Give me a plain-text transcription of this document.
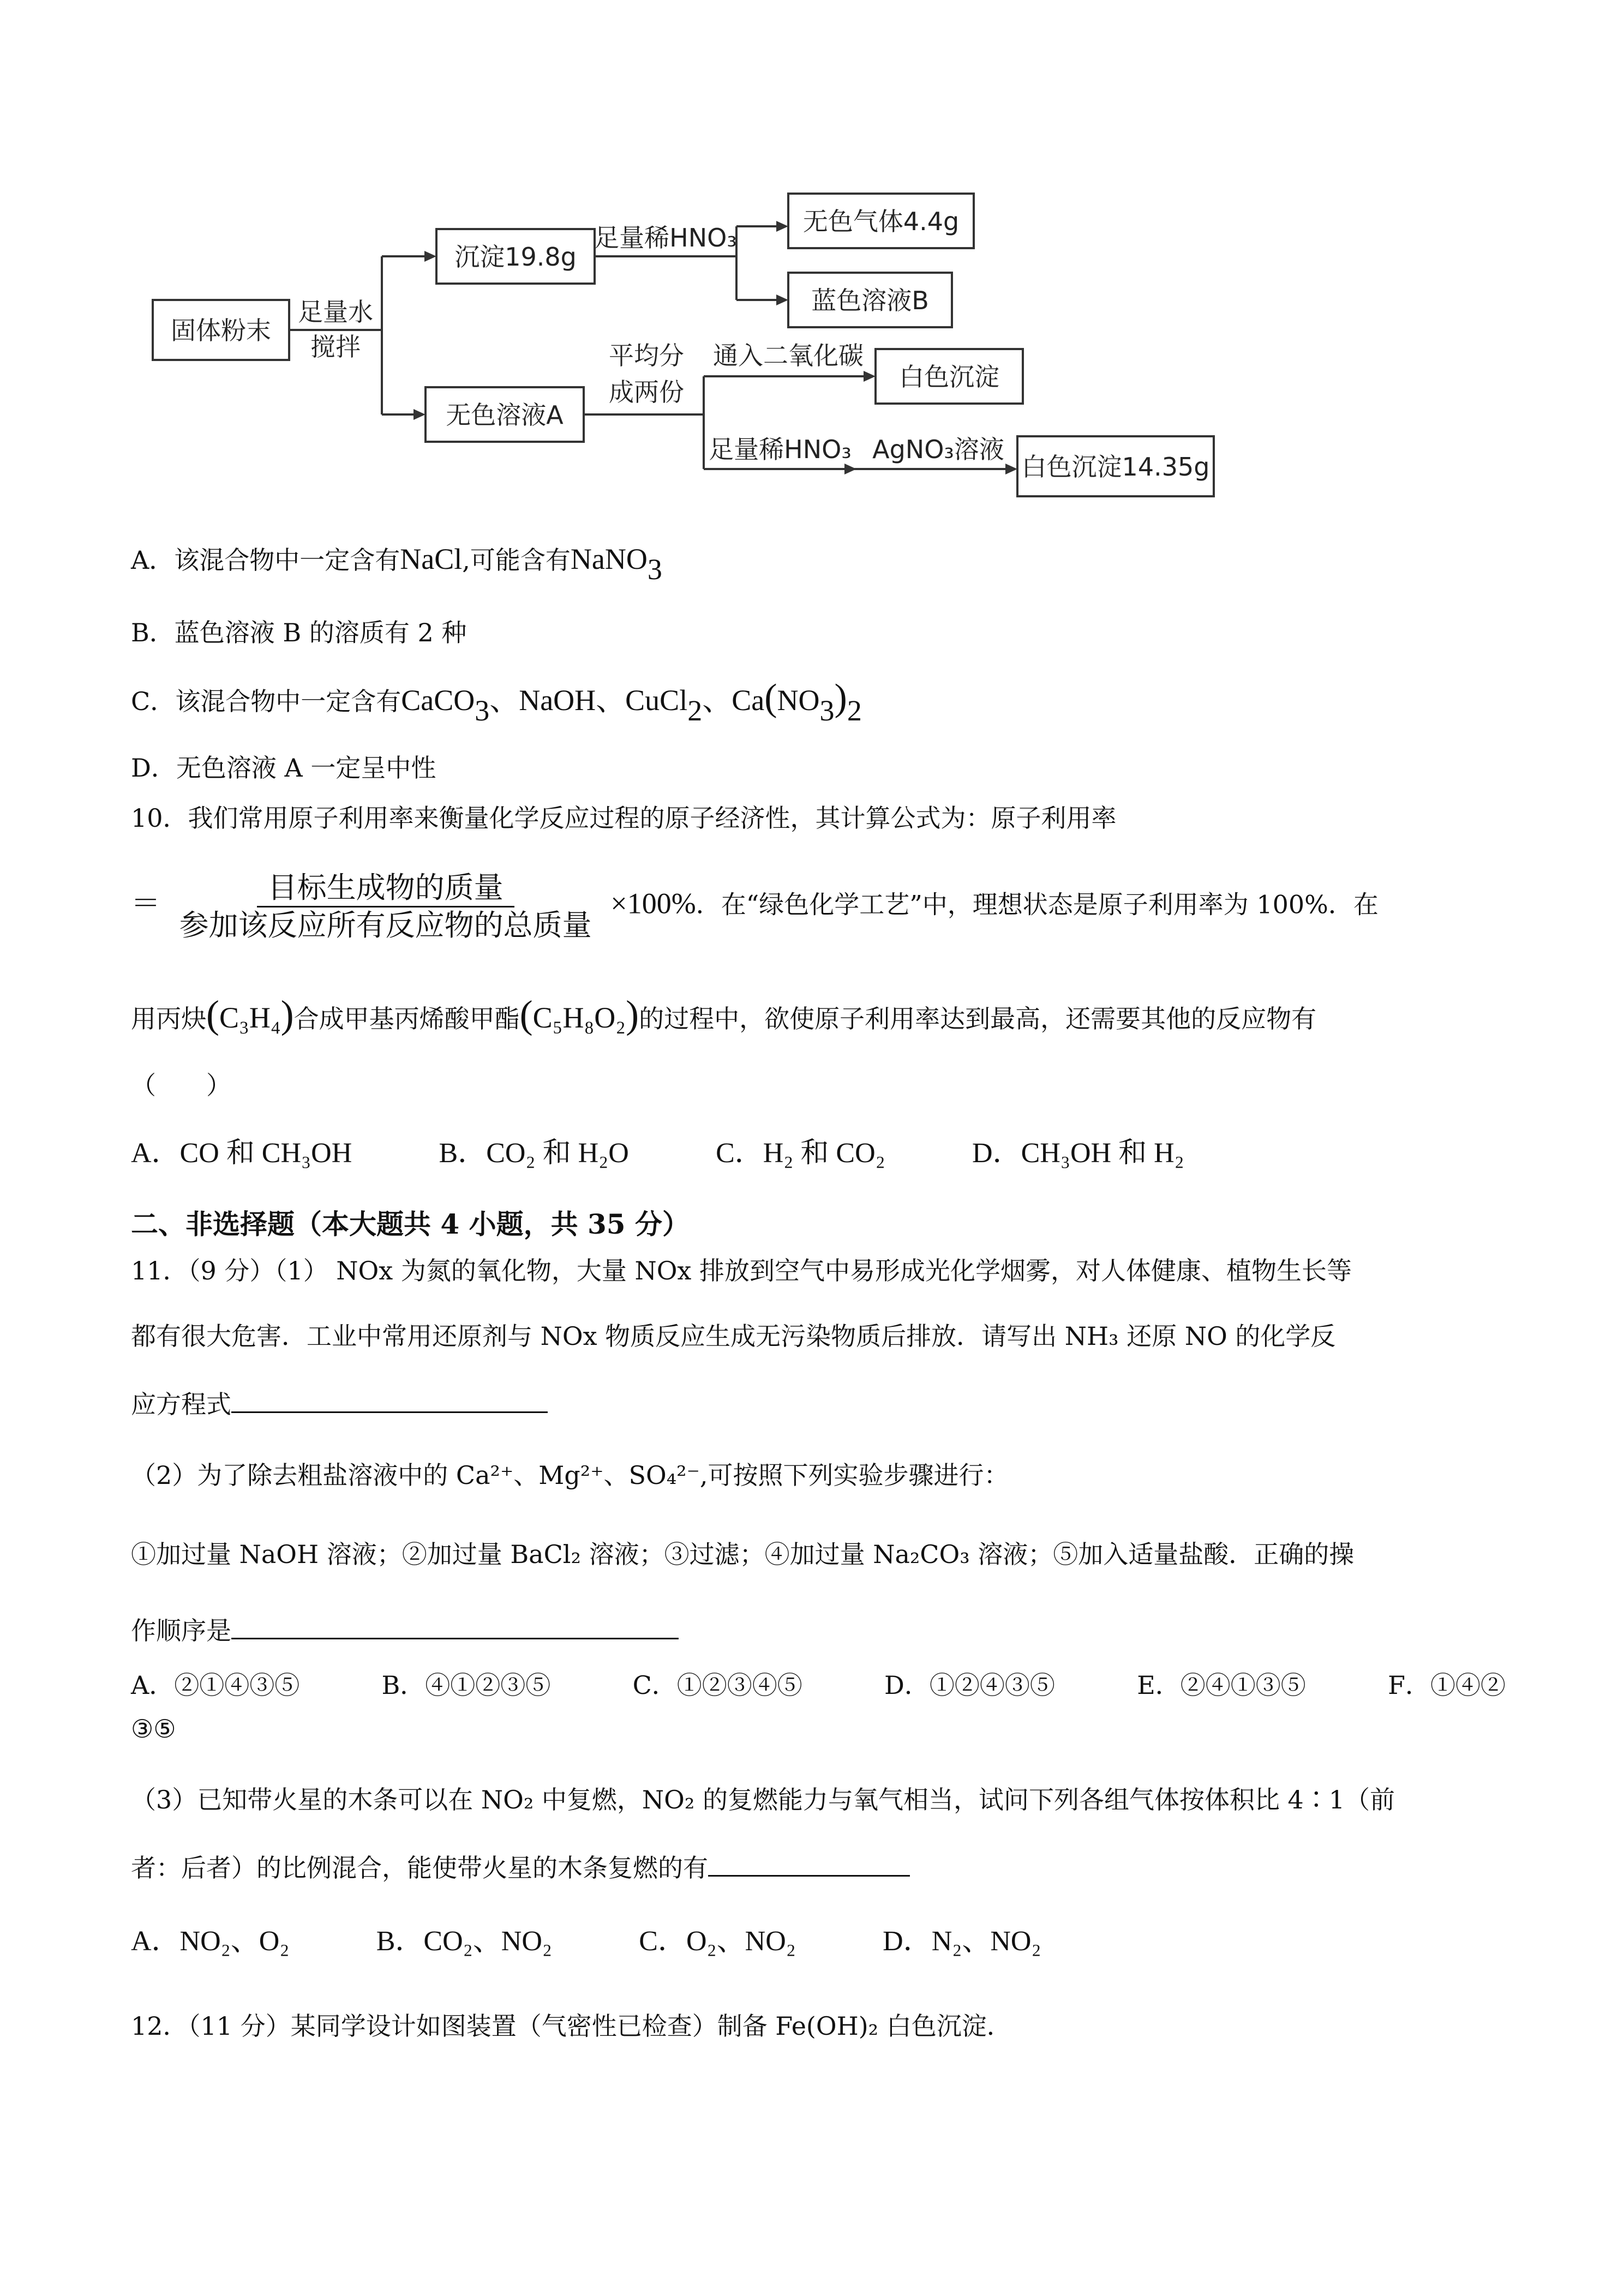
固体粉末
足量水
搅拌
沉淀19.8g
足量稀HNO₃
无色气体4.4g
蓝色溶液B
无色溶液A
平均分
成两份
通入二氧化碳
白色沉淀
足量稀HNO₃ AgNO₃溶液
白色沉淀14.35g
A．该混合物中一定含有NaCl,可能含有NaNO$_3$
B．蓝色溶液 B 的溶质有 2 种
C．该混合物中一定含有CaCO$_3$、NaOH、CuCl$_2$、$Ca(NO_3)_2$
D．无色溶液 A 一定呈中性
10．我们常用原子利用率来衡量化学反应过程的原子经济性，其计算公式为：原子利用率
＝ $\frac{\text{目标生成物的质量}}{\text{参加该反应所有反应物的总质量}} \times 100\%$．在“绿色化学工艺”中，理想状态是原子利用率为 100%．在
用丙炔(C₃H₄)合成甲基丙烯酸甲酯(C₅H₈O₂)的过程中，欲使原子利用率达到最高，还需要其他的反应物有
（　　）
A．CO 和 CH₃OH	B．CO₂ 和 H₂O	C．H₂ 和 CO₂	D．CH₃OH 和 H₂
二、非选择题（本大题共 4 小题，共 35 分）
11．（9 分）（1） NOx 为氮的氧化物，大量 NOx 排放到空气中易形成光化学烟雾，对人体健康、植物生长等
都有很大危害．工业中常用还原剂与 NOx 物质反应生成无污染物质后排放．请写出 NH₃ 还原 NO 的化学反
应方程式
（2）为了除去粗盐溶液中的 Ca²⁺、Mg²⁺、SO₄²⁻,可按照下列实验步骤进行：
①加过量 NaOH 溶液；②加过量 BaCl₂ 溶液；③过滤；④加过量 Na₂CO₃ 溶液；⑤加入适量盐酸．正确的操
作顺序是
A．②①④③⑤	B．④①②③⑤	C．①②③④⑤	D．①②④③⑤	E．②④①③⑤	F．①④②
③⑤
（3）已知带火星的木条可以在 NO₂ 中复燃，NO₂ 的复燃能力与氧气相当，试问下列各组气体按体积比 4∶1（前
者：后者）的比例混合，能使带火星的木条复燃的有
A．NO₂、O₂	B．CO₂、NO₂	C．O₂、NO₂	D．N₂、NO₂
12．（11 分）某同学设计如图装置（气密性已检查）制备 Fe(OH)₂ 白色沉淀．
